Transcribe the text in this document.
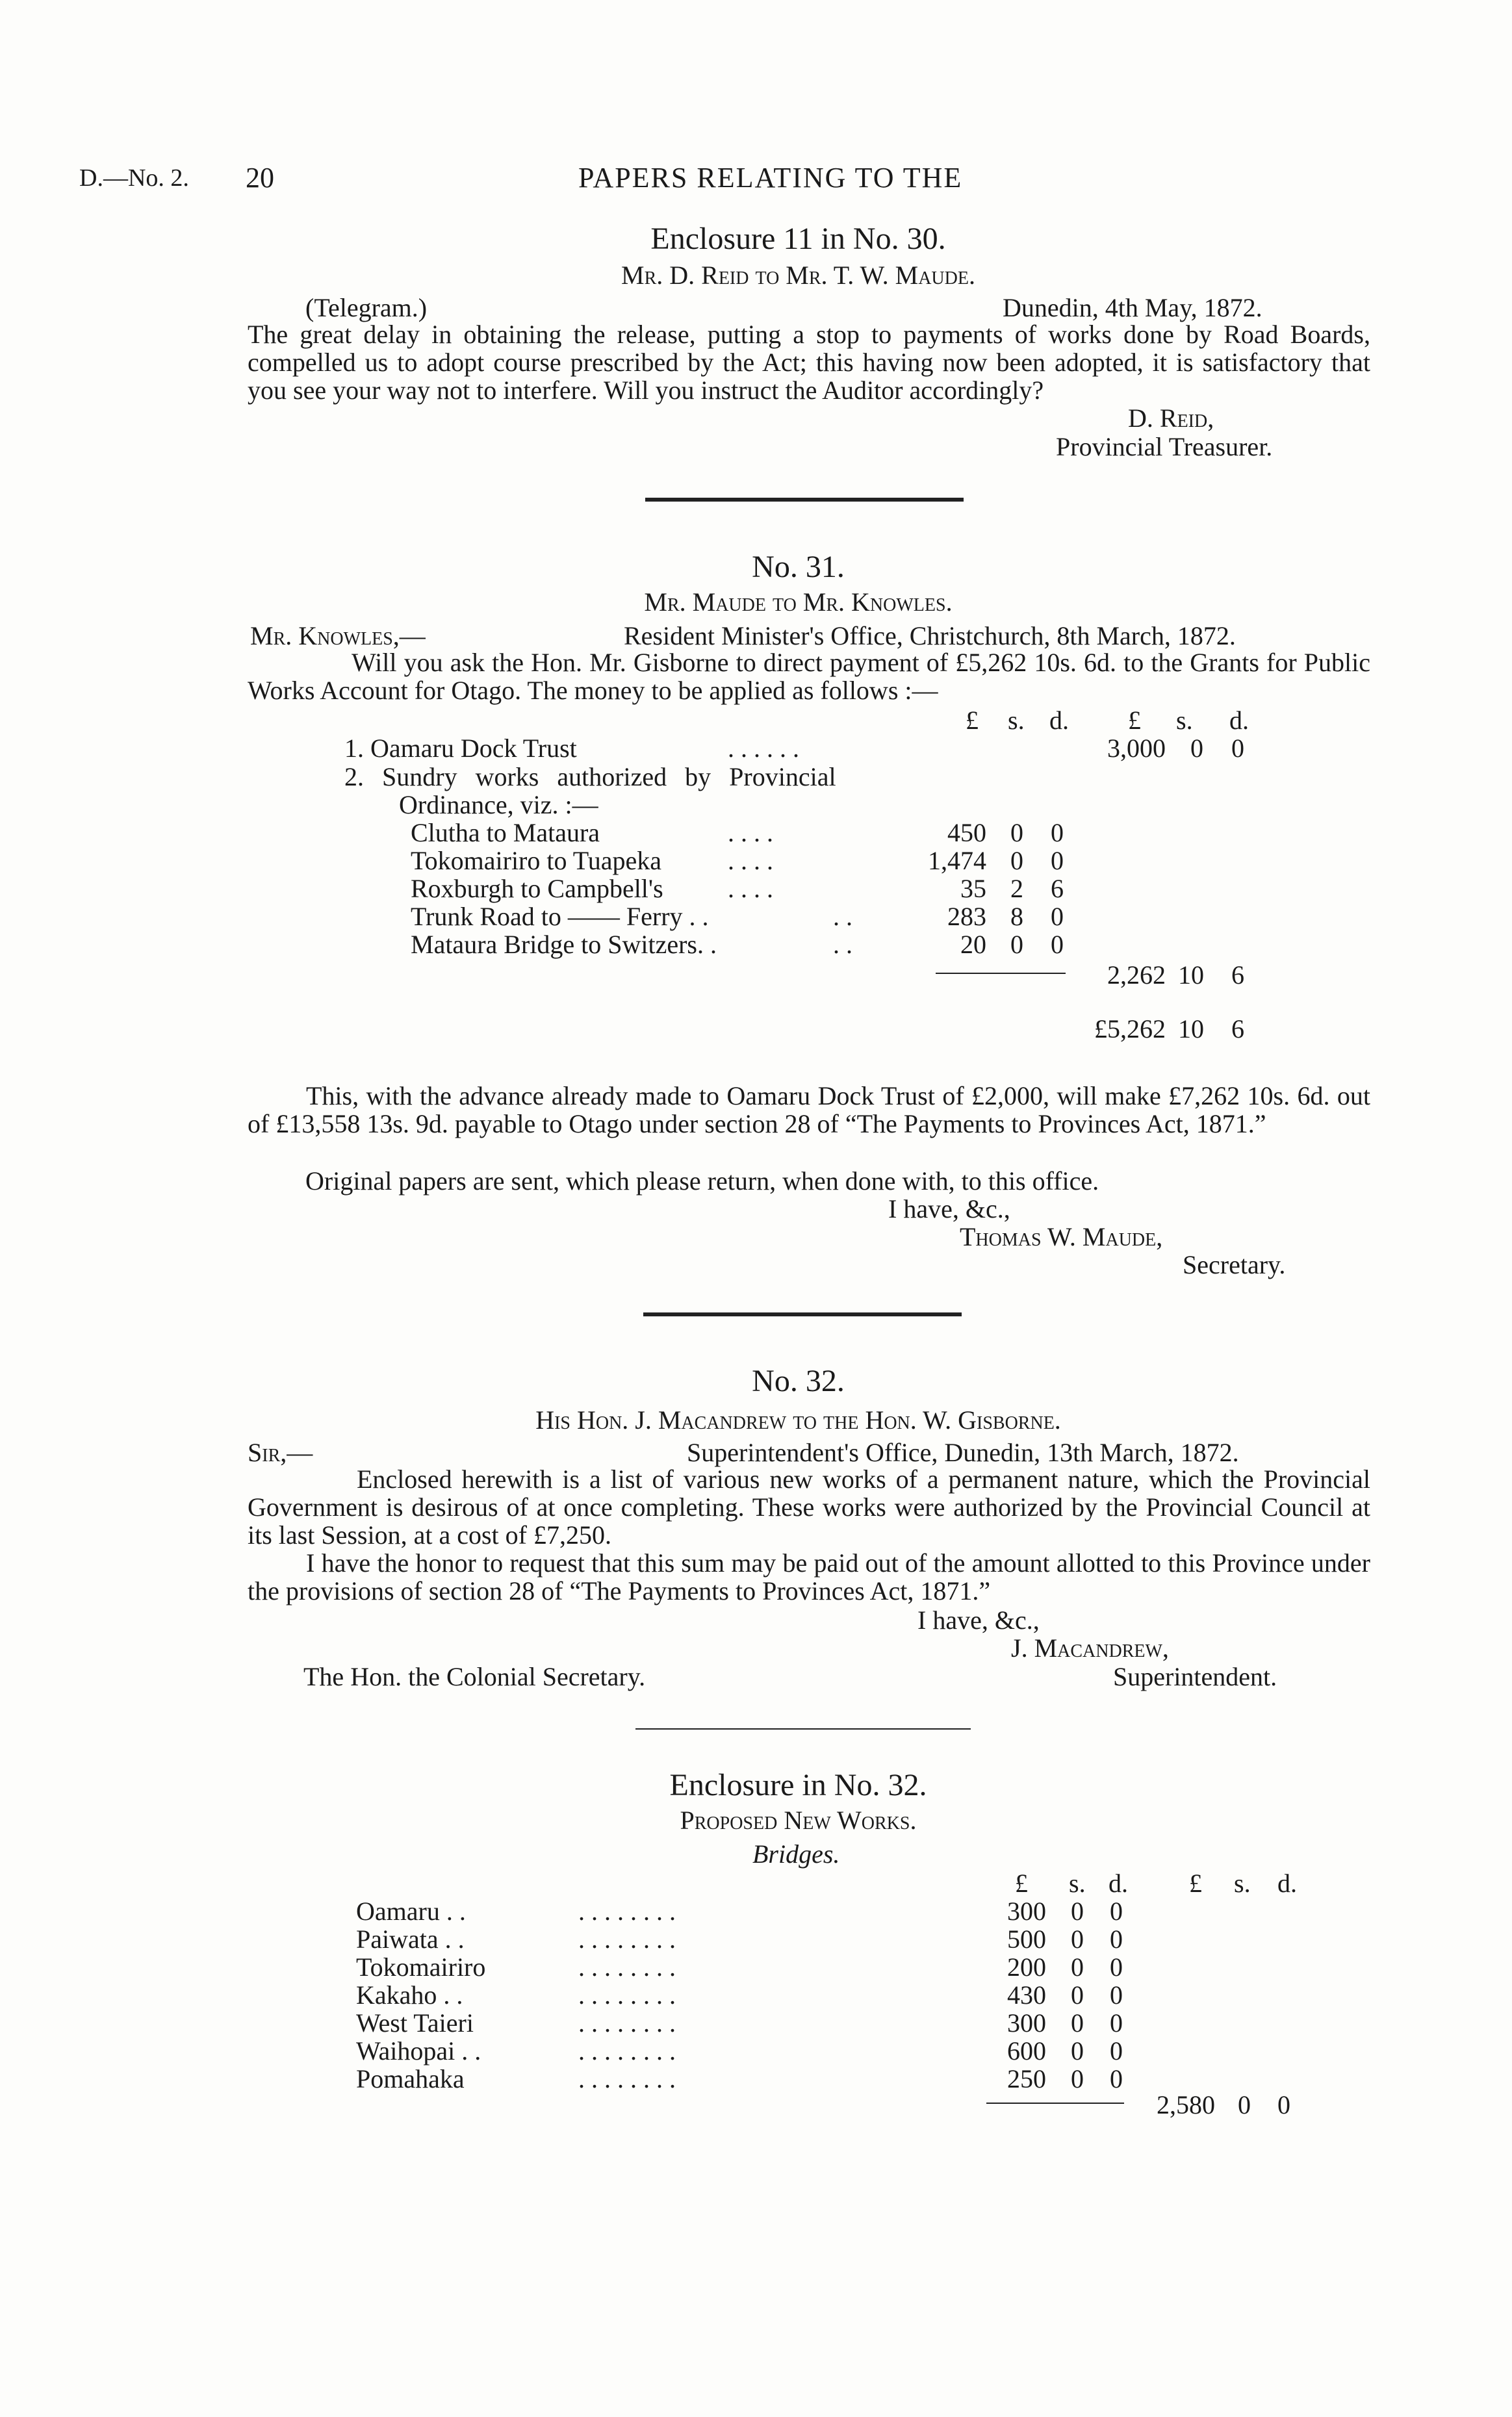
D.—No. 2. 20	PAPERS RELATING TO THE
Enclosure 11 in No. 30.
Mr. D. Reid to Mr. T. W. Maude.
(Telegram.)	Dunedin, 4th May, 1872.
The great delay in obtaining the release, putting a stop to payments of works done by Road Boards, compelled us to adopt course prescribed by the Act; this having now been adopted, it is satisfactory that you see your way not to interfere. Will you instruct the Auditor accordingly?
D. Reid,
Provincial Treasurer.
No. 31.
Mr. Maude to Mr. Knowles.
Mr. Knowles,—	Resident Minister's Office, Christchurch, 8th March, 1872.
Will you ask the Hon. Mr. Gisborne to direct payment of £5,262 10s. 6d. to the Grants for Public Works Account for Otago. The money to be applied as follows :—
£ s. d. £ s. d.
1. Oamaru Dock Trust	. . . . . .	3,000 0 0
2. Sundry works authorized by Provincial
Ordinance, viz. :—
Clutha to Mataura	. . . .	450 0 0
Tokomairiro to Tuapeka	. . . .	1,474 0 0
Roxburgh to Campbell's . . . .	35 2 6
Trunk Road to —— Ferry . .	. .	283 8 0
Mataura Bridge to Switzers. .	. .	20 0 0
2,262 10 6
£5,262 10 6
This, with the advance already made to Oamaru Dock Trust of £2,000, will make £7,262 10s. 6d. out of £13,558 13s. 9d. payable to Otago under section 28 of “The Payments to Provinces Act, 1871.”
Original papers are sent, which please return, when done with, to this office.
I have, &c.,
Thomas W. Maude,
Secretary.
No. 32.
His Hon. J. Macandrew to the Hon. W. Gisborne.
Sir,—	Superintendent's Office, Dunedin, 13th March, 1872.
Enclosed herewith is a list of various new works of a permanent nature, which the Provincial Government is desirous of at once completing. These works were authorized by the Provincial Council at its last Session, at a cost of £7,250.
I have the honor to request that this sum may be paid out of the amount allotted to this Province under the provisions of section 28 of “The Payments to Provinces Act, 1871.”
I have, &c.,
J. Macandrew,
The Hon. the Colonial Secretary.	Superintendent.
Enclosure in No. 32.
Proposed New Works.
Bridges.
£ s. d. £ s. d.
Oamaru . .	. . . . . . . .	300 0 0
Paiwata . .	. . . . . . . .	500 0 0
Tokomairiro	. . . . . . . .	200 0 0
Kakaho . .	. . . . . . . .	430 0 0
West Taieri	. . . . . . . .	300 0 0
Waihopai . .	. . . . . . . .	600 0 0
Pomahaka	. . . . . . . .	250 0 0
2,580 0 0
